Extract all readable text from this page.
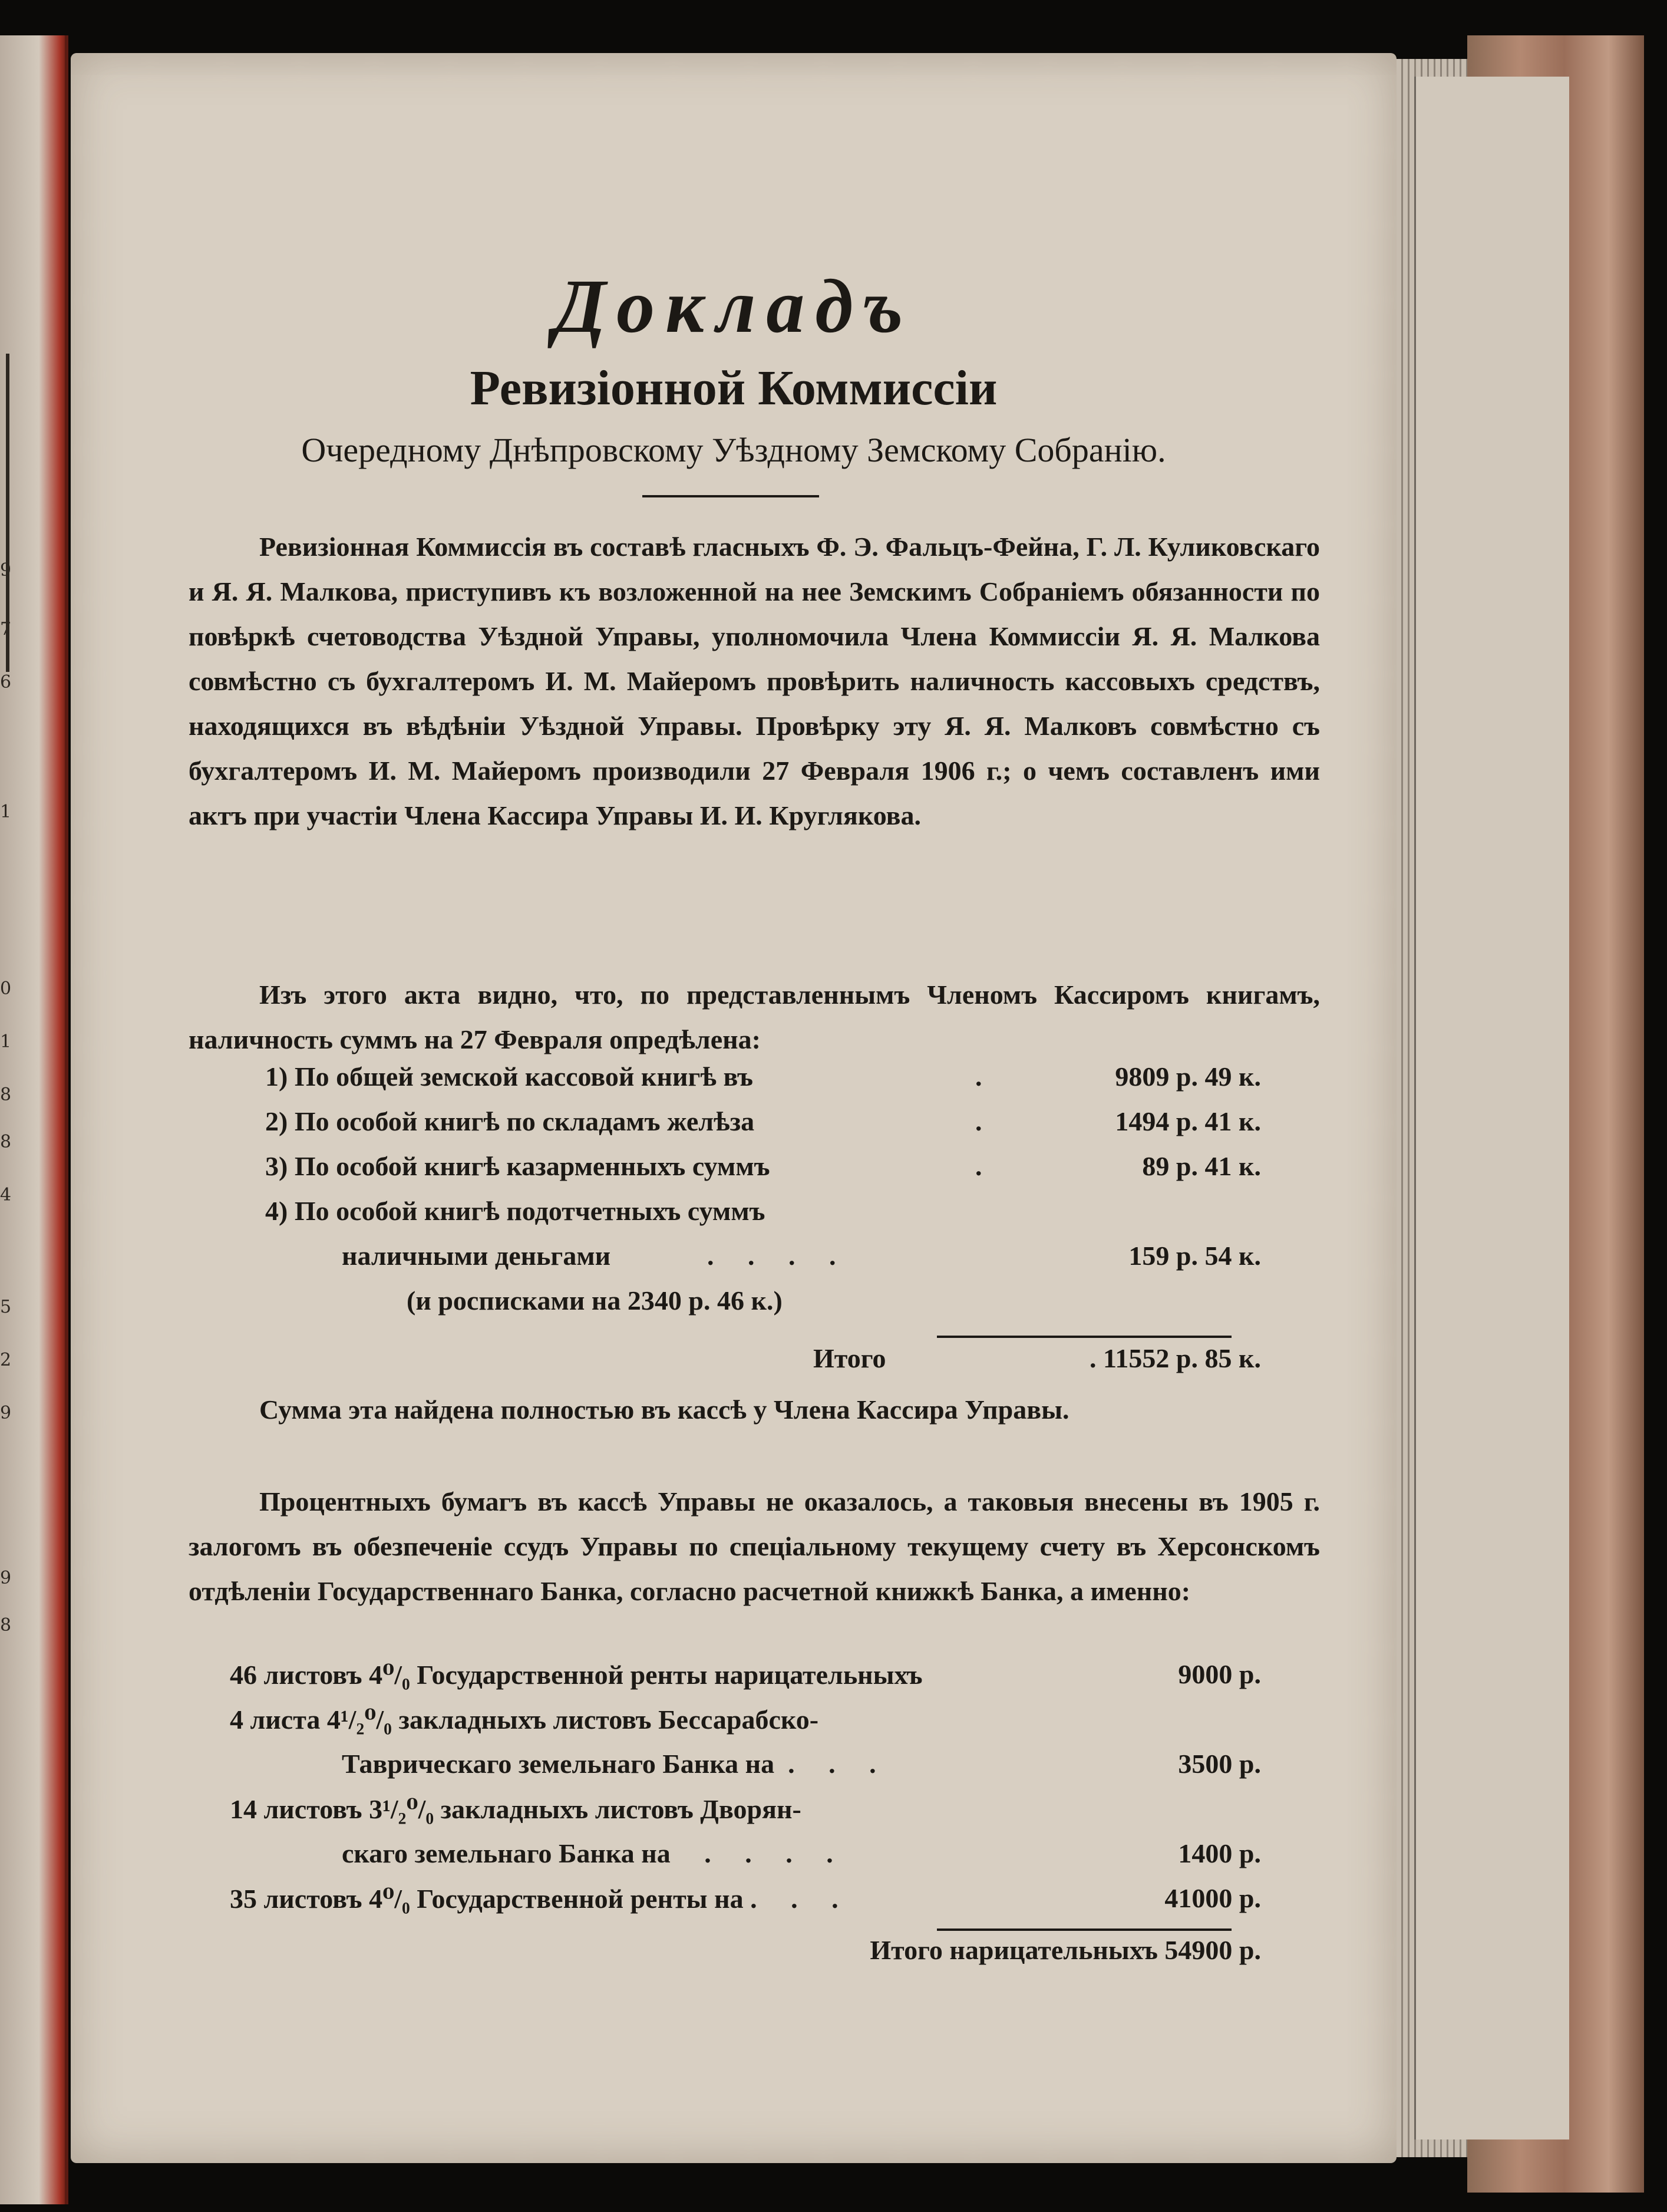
9
7
6
1
0
1
8
8
4
5
2
9
9
8
Докладъ
Ревизіонной Коммиссіи
Очередному Днѣпровскому Уѣздному Земскому Собранію.
Ревизіонная Коммиссія въ составѣ гласныхъ Ф. Э. Фальцъ-Фейна, Г. Л. Куликовскаго и Я. Я. Малкова, приступивъ къ возложенной на нее Земскимъ Собраніемъ обязанности по повѣркѣ счетоводства Уѣздной Управы, уполномочила Члена Коммиссіи Я. Я. Малкова совмѣстно съ бухгалтеромъ И. М. Майеромъ провѣрить наличность кассовыхъ средствъ, находящихся въ вѣдѣніи Уѣздной Управы. Провѣрку эту Я. Я. Малковъ совмѣстно съ бухгалтеромъ И. М. Майеромъ производили 27 Февраля 1906 г.; о чемъ составленъ ими актъ при участіи Члена Кассира Управы И. И. Круглякова.
Изъ этого акта видно, что, по представленнымъ Членомъ Кассиромъ книгамъ, наличность суммъ на 27 Февраля опредѣлена:
1) По общей земской кассовой книгѣ въ	.	9809 р. 49 к.
2) По особой книгѣ по складамъ желѣза	.	1494 р. 41 к.
3) По особой книгѣ казарменныхъ суммъ	.	89 р. 41 к.
4) По особой книгѣ подотчетныхъ суммъ
наличными деньгами	.     .     .     .	159 р. 54 к.
(и росписками на 2340 р. 46 к.)
Итого	. 11552 р. 85 к.
Сумма эта найдена полностью въ кассѣ у Члена Кассира Управы.
Процентныхъ бумагъ въ кассѣ Управы не оказалось, а таковыя внесены въ 1905 г. залогомъ въ обезпеченіе ссудъ Управы по спеціальному текущему счету въ Херсонскомъ отдѣленіи Государственнаго Банка, согласно расчетной книжкѣ Банка, а именно:
46 листовъ 4⁰/₀ Государственной ренты нарицательныхъ	9000 р.
4 листа 4¹/₂⁰/₀ закладныхъ листовъ Бессарабско-
Таврическаго земельнаго Банка на  .     .     .	3500 р.
14 листовъ 3¹/₂⁰/₀ закладныхъ листовъ Дворян-
скаго земельнаго Банка на     .     .     .     .	1400 р.
35 листовъ 4⁰/₀ Государственной ренты на .     .     .	41000 р.
Итого нарицательныхъ 54900 р.
